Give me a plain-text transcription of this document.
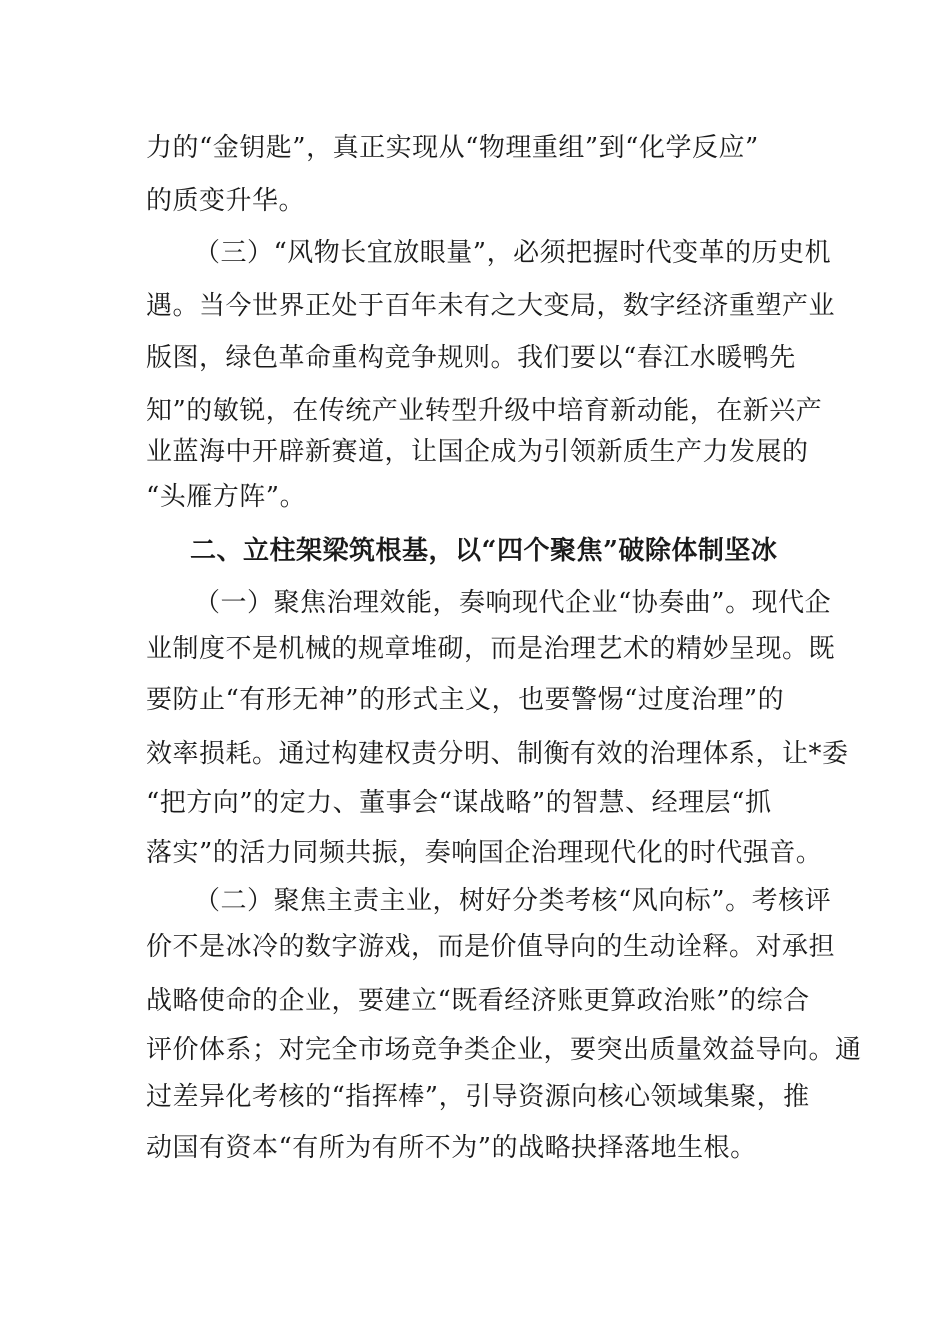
力的“金钥匙”，真正实现从“物理重组”到“化学反应”
的质变升华。
（三）“风物长宜放眼量”，必须把握时代变革的历史机
遇。当今世界正处于百年未有之大变局，数字经济重塑产业
版图，绿色革命重构竞争规则。我们要以“春江水暖鸭先
知”的敏锐，在传统产业转型升级中培育新动能，在新兴产
业蓝海中开辟新赛道，让国企成为引领新质生产力发展的
“头雁方阵”。
二、立柱架梁筑根基，以“四个聚焦”破除体制坚冰
（一）聚焦治理效能，奏响现代企业“协奏曲”。现代企
业制度不是机械的规章堆砌，而是治理艺术的精妙呈现。既
要防止“有形无神”的形式主义，也要警惕“过度治理”的
效率损耗。通过构建权责分明、制衡有效的治理体系，让*委
“把方向”的定力、董事会“谋战略”的智慧、经理层“抓
落实”的活力同频共振，奏响国企治理现代化的时代强音。
（二）聚焦主责主业，树好分类考核“风向标”。考核评
价不是冰冷的数字游戏，而是价值导向的生动诠释。对承担
战略使命的企业，要建立“既看经济账更算政治账”的综合
评价体系；对完全市场竞争类企业，要突出质量效益导向。通
过差异化考核的“指挥棒”，引导资源向核心领域集聚，推
动国有资本“有所为有所不为”的战略抉择落地生根。
